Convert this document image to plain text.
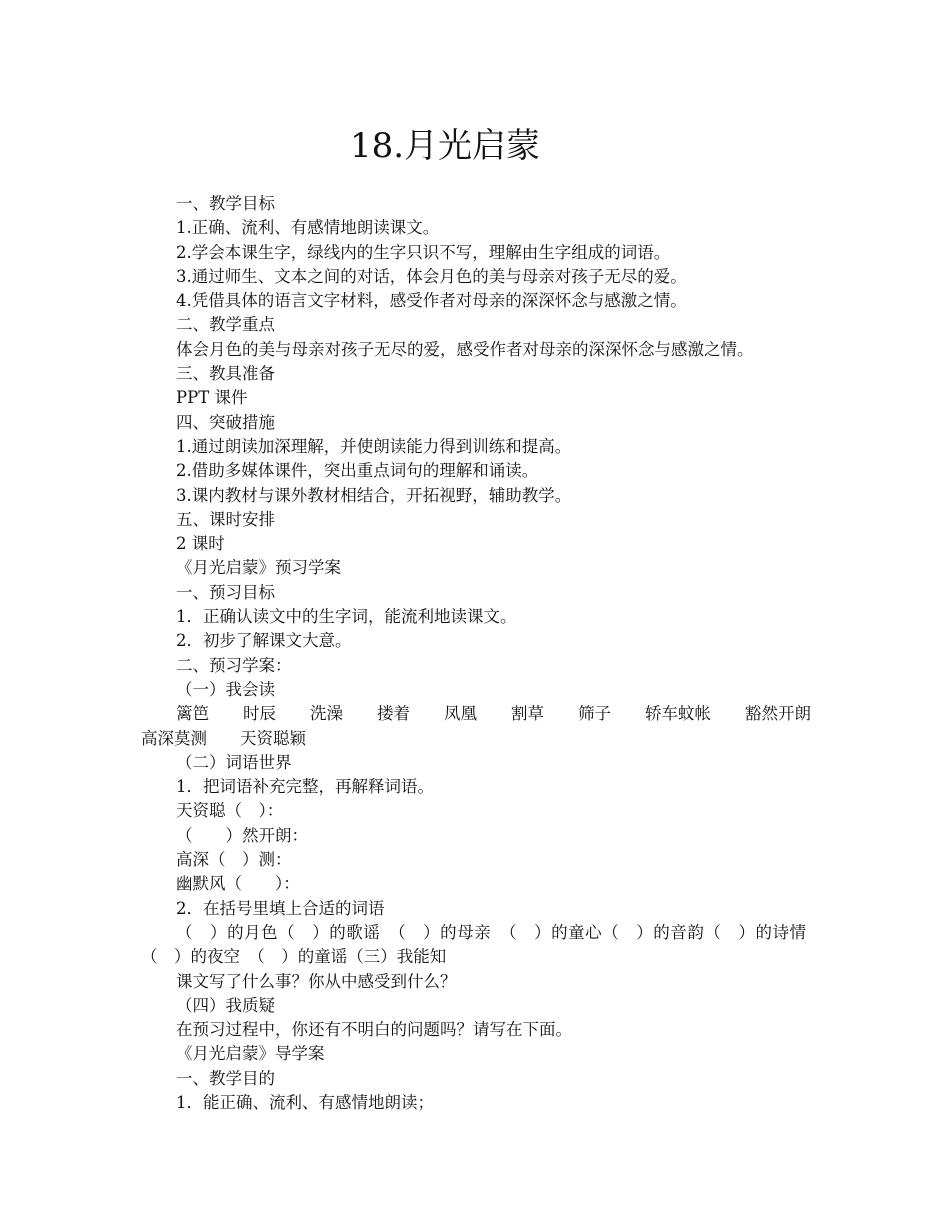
18.月光启蒙
一、教学目标
1.正确、流利、有感情地朗读课文。
2.学会本课生字，绿线内的生字只识不写，理解由生字组成的词语。
3.通过师生、文本之间的对话，体会月色的美与母亲对孩子无尽的爱。
4.凭借具体的语言文字材料，感受作者对母亲的深深怀念与感激之情。
二、教学重点
体会月色的美与母亲对孩子无尽的爱，感受作者对母亲的深深怀念与感激之情。
三、教具准备
PPT 课件
四、突破措施
1.通过朗读加深理解，并使朗读能力得到训练和提高。
2.借助多媒体课件，突出重点词句的理解和诵读。
3.课内教材与课外教材相结合，开拓视野，辅助教学。
五、课时安排
2 课时
《月光启蒙》预习学案
一、预习目标
1．正确认读文中的生字词，能流利地读课文。
2．初步了解课文大意。
二、预习学案：
（一）我会读
篱笆 时辰 洗澡 搂着 凤凰 割草 筛子 轿车蚊帐 豁然开朗
高深莫测　　天资聪颖
（二）词语世界
1．把词语补充完整，再解释词语。
天资聪（　）：
（　　）然开朗：
高深（　）测：
幽默风（　　）：
2．在括号里填上合适的词语
（　）的月色（　）的歌谣　（　）的母亲　（　）的童心（　）的音韵（　）的诗情　（　）的夜空　（　）的童谣（三）我能知
课文写了什么事？你从中感受到什么？
（四）我质疑
在预习过程中，你还有不明白的问题吗？请写在下面。
《月光启蒙》导学案
一、教学目的
1．能正确、流利、有感情地朗读；
